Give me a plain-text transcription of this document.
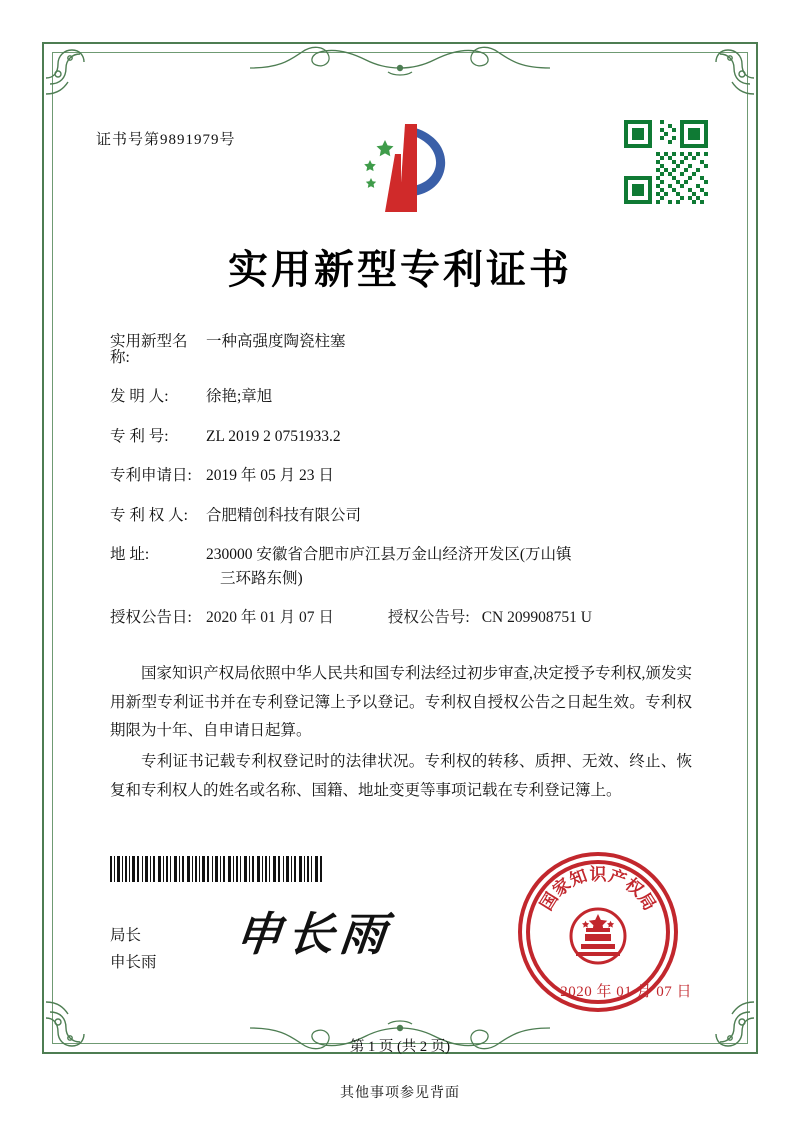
证书号第9891979号
实用新型专利证书
实用新型名称:
一种高强度陶瓷柱塞
发 明 人:	徐艳;章旭
专 利 号:	ZL 2019 2 0751933.2
专利申请日: 2019 年 05 月 23 日
专 利 权 人:	合肥精创科技有限公司
地 址:	230000 安徽省合肥市庐江县万金山经济开发区(万山镇
三环路东侧)
授权公告日: 2020 年 01 月 07 日	授权公告号: CN 209908751 U

国家知识产权局依照中华人民共和国专利法经过初步审查,决定授予专利权,颁发实用新型专利证书并在专利登记簿上予以登记。专利权自授权公告之日起生效。专利权期限为十年、自申请日起算。

专利证书记载专利权登记时的法律状况。专利权的转移、质押、无效、终止、恢复和专利权人的姓名或名称、国籍、地址变更等事项记载在专利登记簿上。

局长
申长雨
申长雨
国
家
知 识 产
权
局
2020 年 01 月 07 日
第 1 页 (共 2 页)
其他事项参见背面
